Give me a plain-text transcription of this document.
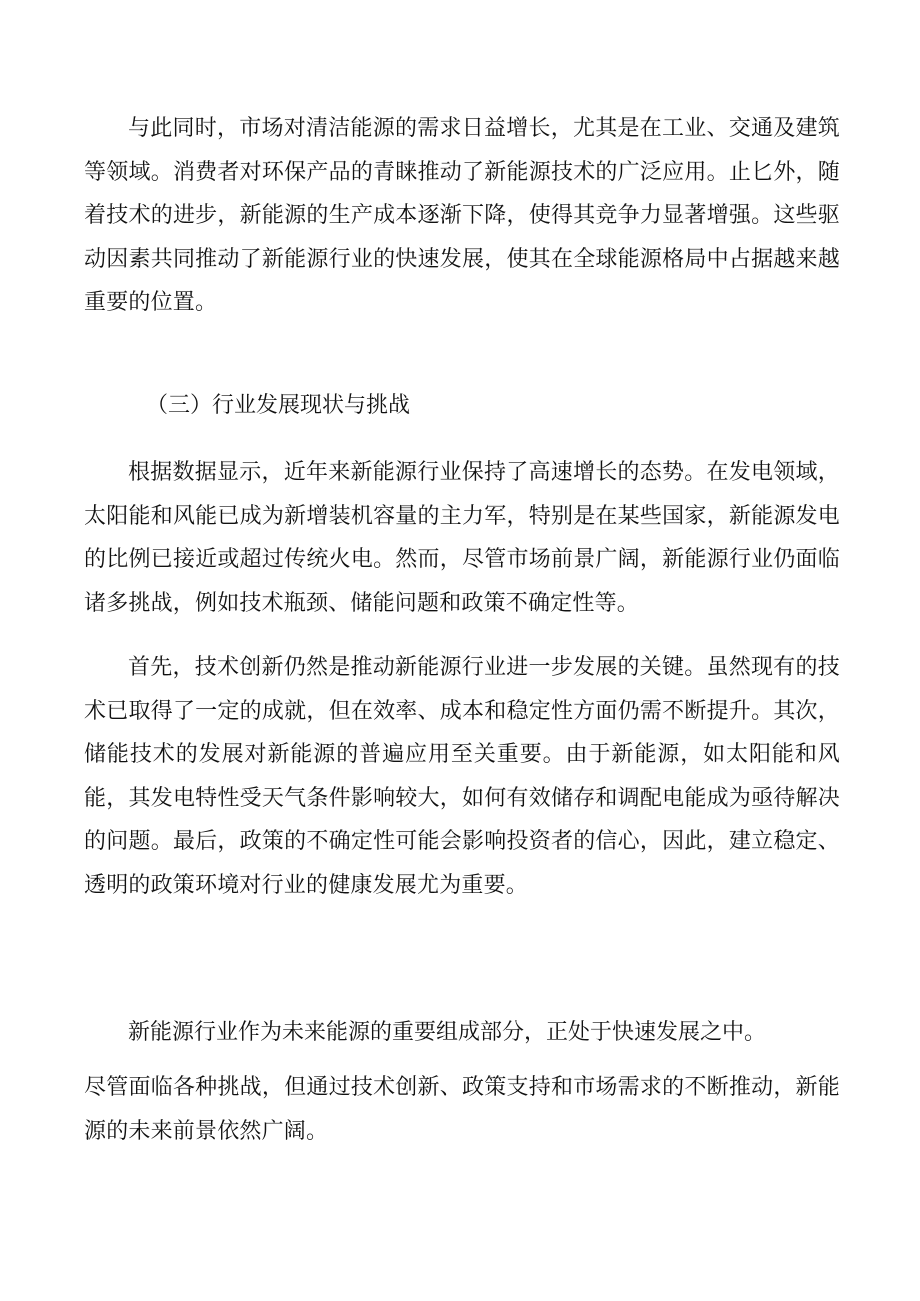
与此同时，市场对清洁能源的需求日益增长，尤其是在工业、交通及建筑等领域。消费者对环保产品的青睐推动了新能源技术的广泛应用。止匕外，随着技术的进步，新能源的生产成本逐渐下降，使得其竞争力显著增强。这些驱动因素共同推动了新能源行业的快速发展，使其在全球能源格局中占据越来越重要的位置。

（三）行业发展现状与挑战

根据数据显示，近年来新能源行业保持了高速增长的态势。在发电领域，太阳能和风能已成为新增装机容量的主力军，特别是在某些国家，新能源发电的比例已接近或超过传统火电。然而，尽管市场前景广阔，新能源行业仍面临诸多挑战，例如技术瓶颈、储能问题和政策不确定性等。

首先，技术创新仍然是推动新能源行业进一步发展的关键。虽然现有的技术已取得了一定的成就，但在效率、成本和稳定性方面仍需不断提升。其次，储能技术的发展对新能源的普遍应用至关重要。由于新能源，如太阳能和风能，其发电特性受天气条件影响较大，如何有效储存和调配电能成为亟待解决的问题。最后，政策的不确定性可能会影响投资者的信心，因此，建立稳定、透明的政策环境对行业的健康发展尤为重要。

新能源行业作为未来能源的重要组成部分，正处于快速发展之中。

尽管面临各种挑战，但通过技术创新、政策支持和市场需求的不断推动，新能源的未来前景依然广阔。
